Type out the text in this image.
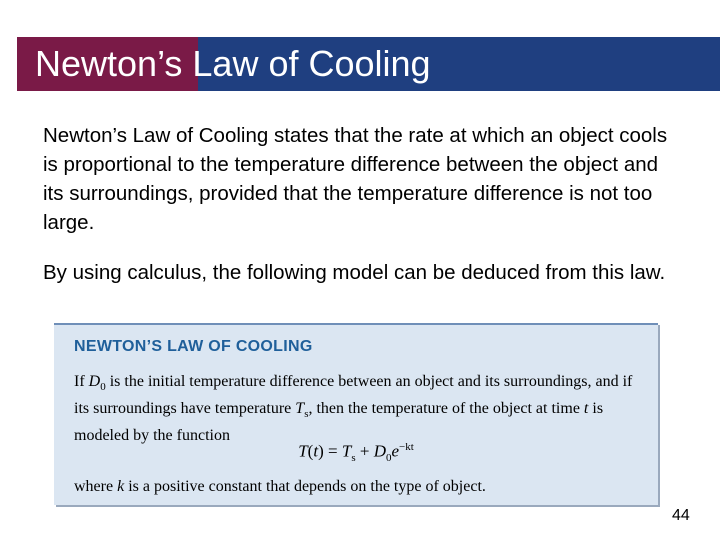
Newton’s Law of Cooling

Newton’s Law of Cooling states that the rate at which an object cools is proportional to the temperature difference between the object and its surroundings, provided that the temperature difference is not too large.

By using calculus, the following model can be deduced from this law.

NEWTON’S LAW OF COOLING
If $D_0$ is the initial temperature difference between an object and its surroundings, and if its surroundings have temperature $T_s$, then the temperature of the object at time t is modeled by the function
$T(t) = T_s + D_0e^{-kt}$
where k is a positive constant that depends on the type of object.
44
